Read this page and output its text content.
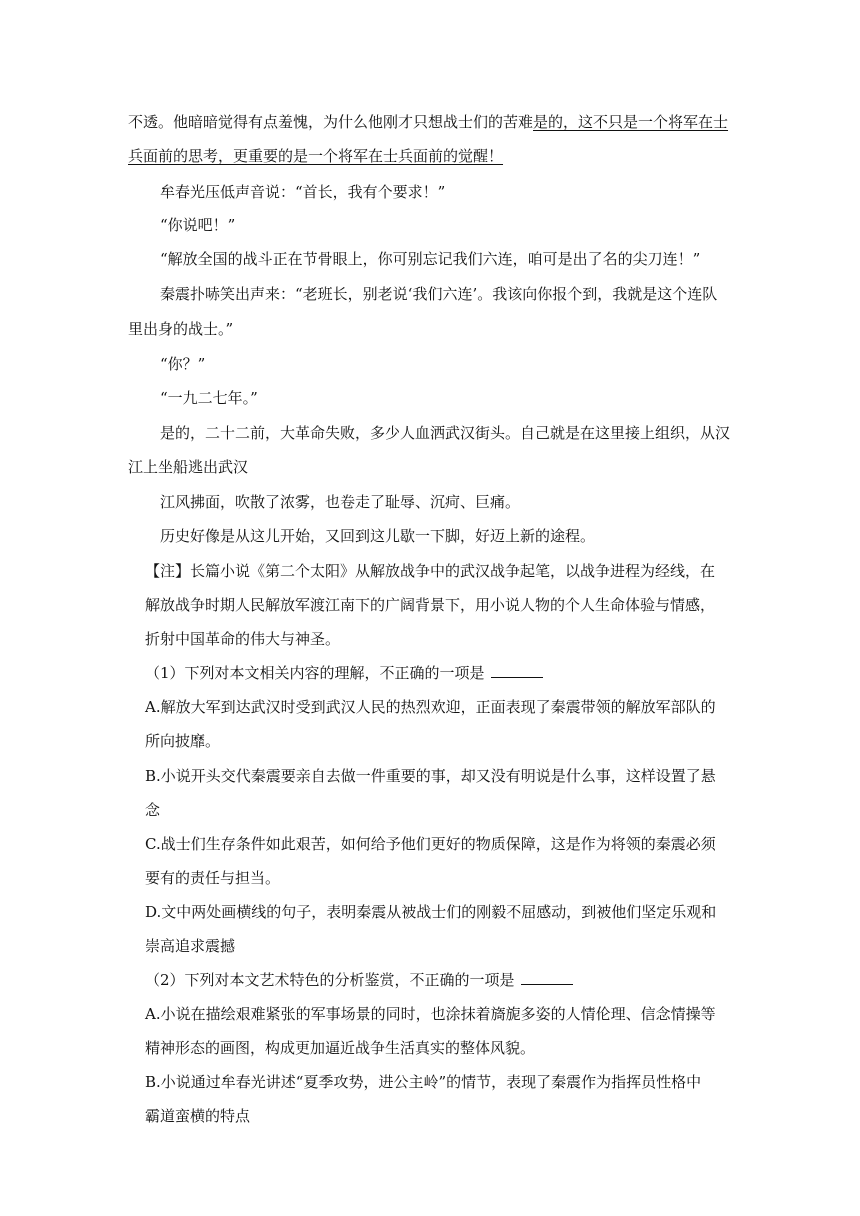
不透。他暗暗觉得有点羞愧，为什么他刚才只想战士们的苦难是的，这不只是一个将军在士
兵面前的思考，更重要的是一个将军在士兵面前的觉醒！
牟春光压低声音说：“首长，我有个要求！”
“你说吧！”
“解放全国的战斗正在节骨眼上，你可别忘记我们六连，咱可是出了名的尖刀连！”
秦震扑哧笑出声来：“老班长，别老说‘我们六连’。我该向你报个到，我就是这个连队
里出身的战士。”
“你？”
“一九二七年。”
是的，二十二前，大革命失败，多少人血洒武汉街头。自己就是在这里接上组织，从汉
江上坐船逃出武汉
江风拂面，吹散了浓雾，也卷走了耻辱、沉疴、巨痛。
历史好像是从这儿开始，又回到这儿歇一下脚，好迈上新的途程。
【注】长篇小说《第二个太阳》从解放战争中的武汉战争起笔，以战争进程为经线，在
解放战争时期人民解放军渡江南下的广阔背景下，用小说人物的个人生命体验与情感，
折射中国革命的伟大与神圣。
（1）下列对本文相关内容的理解，不正确的一项是
A.解放大军到达武汉时受到武汉人民的热烈欢迎，正面表现了秦震带领的解放军部队的
所向披靡。
B.小说开头交代秦震要亲自去做一件重要的事，却又没有明说是什么事，这样设置了悬
念
C.战士们生存条件如此艰苦，如何给予他们更好的物质保障，这是作为将领的秦震必须
要有的责任与担当。
D.文中两处画横线的句子，表明秦震从被战士们的刚毅不屈感动，到被他们坚定乐观和
崇高追求震撼
（2）下列对本文艺术特色的分析鉴赏，不正确的一项是
A.小说在描绘艰难紧张的军事场景的同时，也涂抹着旖旎多姿的人情伦理、信念情操等
精神形态的画图，构成更加逼近战争生活真实的整体风貌。
B.小说通过牟春光讲述“夏季攻势，进公主岭”的情节，表现了秦震作为指挥员性格中
霸道蛮横的特点
